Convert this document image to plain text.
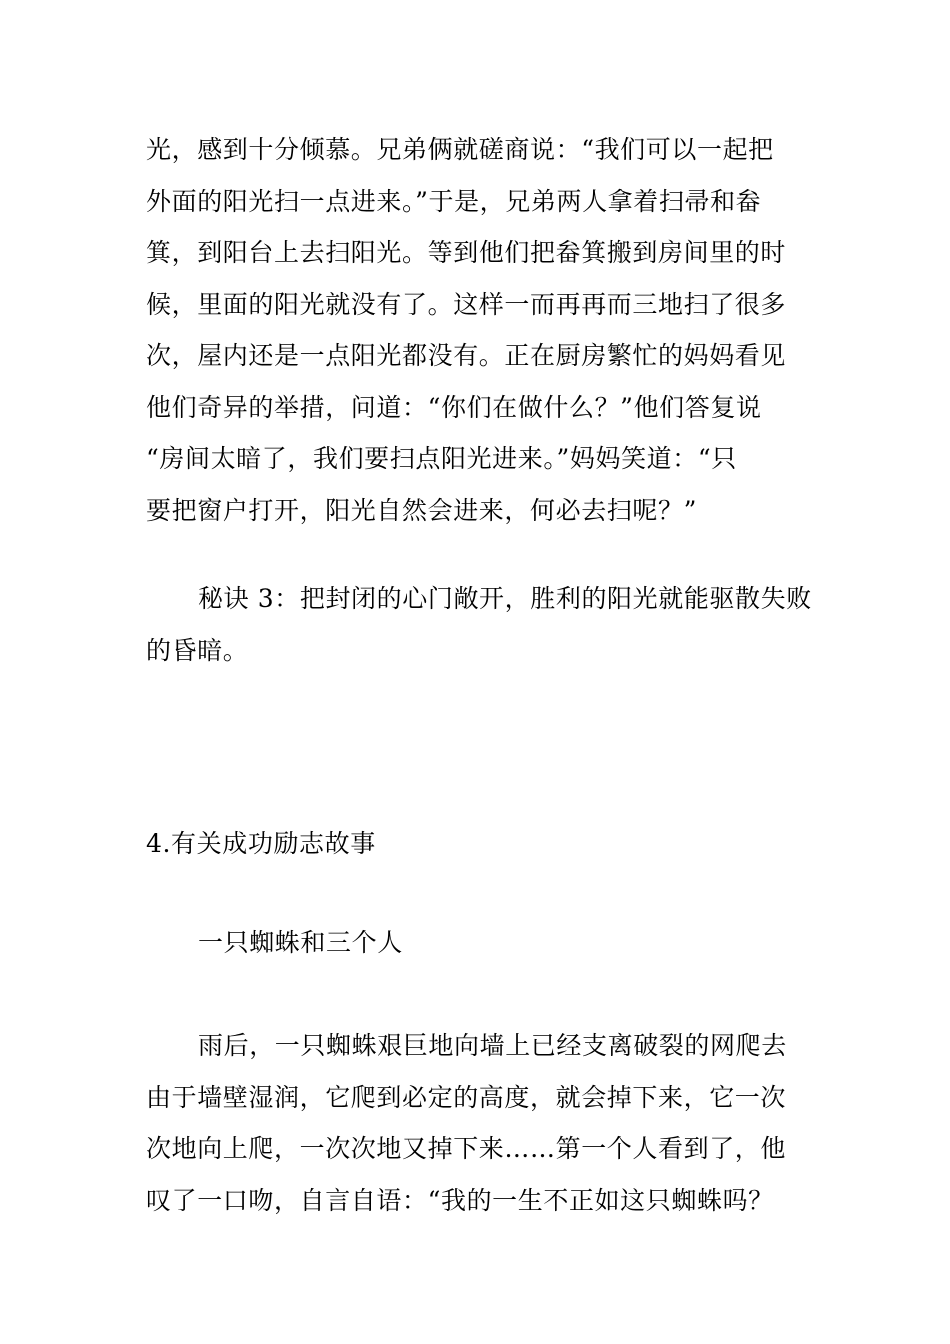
光，感到十分倾慕。兄弟俩就磋商说：“我们可以一起把
外面的阳光扫一点进来。”于是，兄弟两人拿着扫帚和畚
箕，到阳台上去扫阳光。等到他们把畚箕搬到房间里的时
候，里面的阳光就没有了。这样一而再再而三地扫了很多
次，屋内还是一点阳光都没有。正在厨房繁忙的妈妈看见
他们奇异的举措，问道：“你们在做什么？”他们答复说
“房间太暗了，我们要扫点阳光进来。”妈妈笑道：“只
要把窗户打开，阳光自然会进来，何必去扫呢？”
秘诀 3：把封闭的心门敞开，胜利的阳光就能驱散失败
的昏暗。
4.有关成功励志故事
一只蜘蛛和三个人
雨后，一只蜘蛛艰巨地向墙上已经支离破裂的网爬去
由于墙壁湿润，它爬到必定的高度，就会掉下来，它一次
次地向上爬，一次次地又掉下来……第一个人看到了，他
叹了一口吻，自言自语：“我的一生不正如这只蜘蛛吗？
